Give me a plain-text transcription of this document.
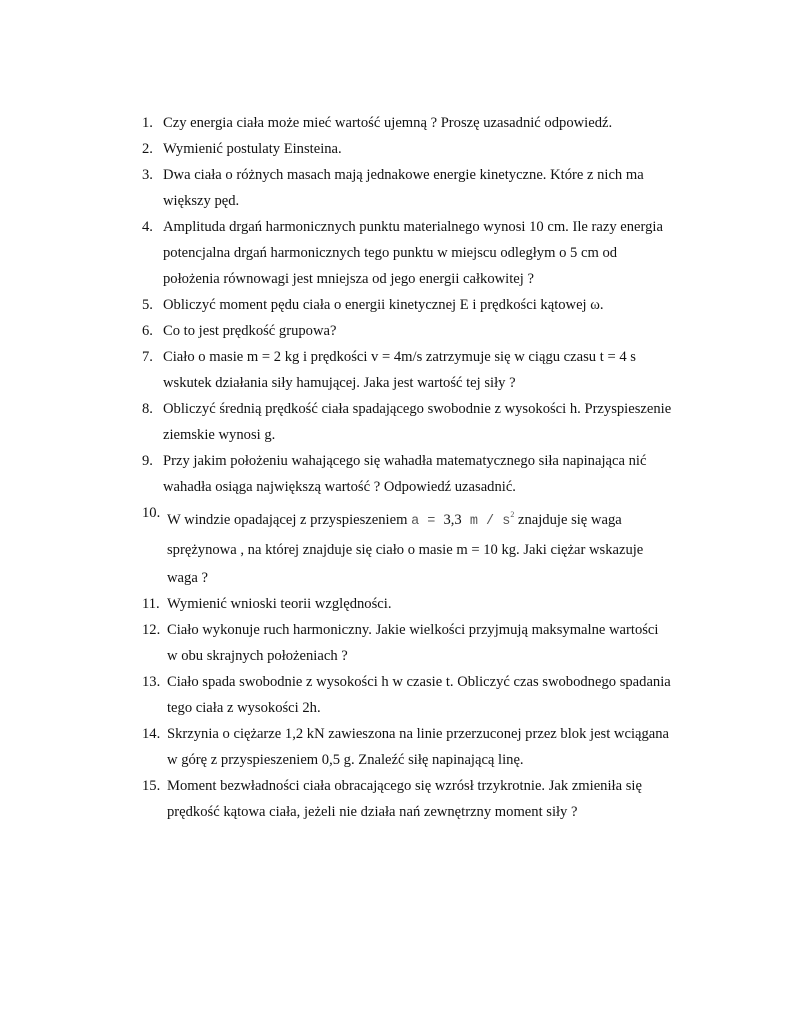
1. Czy energia ciała może mieć wartość ujemną ? Proszę uzasadnić odpowiedź.
2. Wymienić postulaty Einsteina.
3. Dwa ciała o różnych masach mają jednakowe energie kinetyczne. Które z nich ma
większy pęd.
4. Amplituda drgań harmonicznych punktu materialnego wynosi 10 cm. Ile razy energia
potencjalna drgań harmonicznych tego punktu w miejscu odległym o 5 cm od
położenia równowagi jest mniejsza od jego energii całkowitej ?
5. Obliczyć moment pędu ciała o energii kinetycznej E i prędkości kątowej ω.
6. Co to jest prędkość grupowa?
7. Ciało o masie m = 2 kg i prędkości v = 4m/s zatrzymuje się w ciągu czasu t = 4 s
wskutek działania siły hamującej. Jaka jest wartość tej siły ?
8. Obliczyć średnią prędkość ciała spadającego swobodnie z wysokości h. Przyspieszenie
ziemskie wynosi g.
9. Przy jakim położeniu wahającego się wahadła matematycznego siła napinająca nić
wahadła osiąga największą wartość ? Odpowiedź uzasadnić.
10. W windzie opadającej z przyspieszeniem a = 3,3 m / $s^2$ znajduje się waga
sprężynowa , na której znajduje się ciało o masie m = 10 kg. Jaki ciężar wskazuje
waga ?
11. Wymienić wnioski teorii względności.
12. Ciało wykonuje ruch harmoniczny. Jakie wielkości przyjmują maksymalne wartości
w obu skrajnych położeniach ?
13. Ciało spada swobodnie z wysokości h w czasie t. Obliczyć czas swobodnego spadania
tego ciała z wysokości 2h.
14. Skrzynia o ciężarze 1,2 kN zawieszona na linie przerzuconej przez blok jest wciągana
w górę z przyspieszeniem 0,5 g. Znaleźć siłę napinającą linę.
15. Moment bezwładności ciała obracającego się wzrósł trzykrotnie. Jak zmieniła się
prędkość kątowa ciała, jeżeli nie działa nań zewnętrzny moment siły ?
